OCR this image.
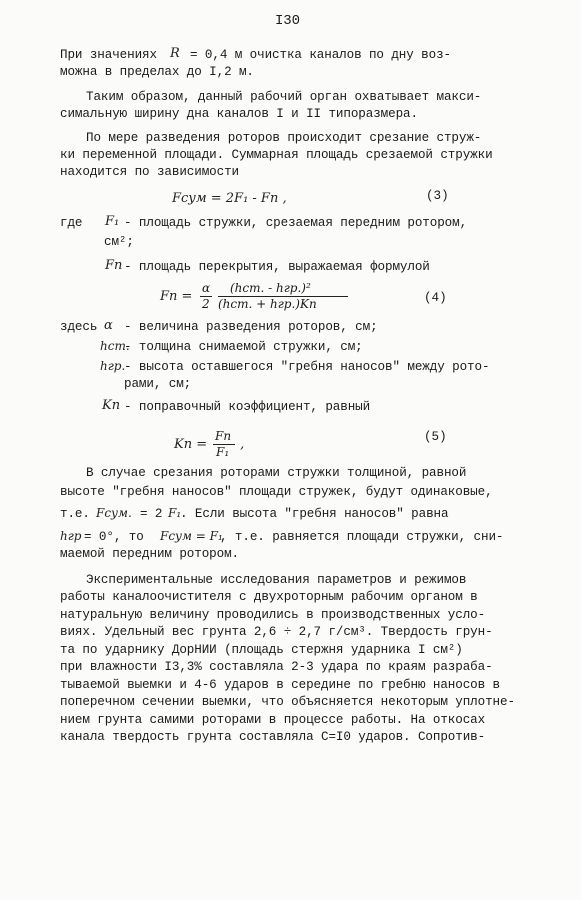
I30

При значениях R = 0,4 м очистка каналов по дну воз-

можна в пределах до I,2 м.

Таким образом, данный рабочий орган охватывает макси-

симальную ширину дна каналов I и II типоразмера.

По мере разведения роторов происходит срезание струж-

ки переменной площади. Суммарная площадь срезаемой стружки

находится по зависимости

Fсум = 2F₁ - Fп ,	(3)

где F₁ - площадь стружки, срезаемая передним ротором,

см²;

Fп - площадь перекрытия, выражаемая формулой

Fп =
α
2
(hст. - hгр.)²
(hст. + hгр.)Kп	(4)

здесь α - величина разведения роторов, см;

hст.

- толщина снимаемой стружки, см;

hгр.

- высота оставшегося "гребня наносов" между рото-

рами, см;

Kп - поправочный коэффициент, равный

Kп =
Fп
F₁ ,	(5)

В случае срезания роторами стружки толщиной, равной

высоте "гребня наносов" площади стружек, будут одинаковые,

т.е. Fсум. = 2 F₁

. Если высота "гребня наносов" равна

hгр = 0°, то Fсум = F₁

, т.е. равняется площади стружки, сни-

маемой передним ротором.

Экспериментальные исследования параметров и режимов

работы каналоочистителя с двухроторным рабочим органом в

натуральную величину проводились в производственных усло-

виях. Удельный вес грунта 2,6 ÷ 2,7 г/см³. Твердость грун-

та по ударнику ДорНИИ (площадь стержня ударника I см²)

при влажности I3,3% составляла 2-3 удара по краям разраба-

тываемой выемки и 4-6 ударов в середине по гребню наносов в

поперечном сечении выемки, что объясняется некоторым уплотне-

нием грунта самими роторами в процессе работы. На откосах

канала твердость грунта составляла С=I0 ударов. Сопротив-
